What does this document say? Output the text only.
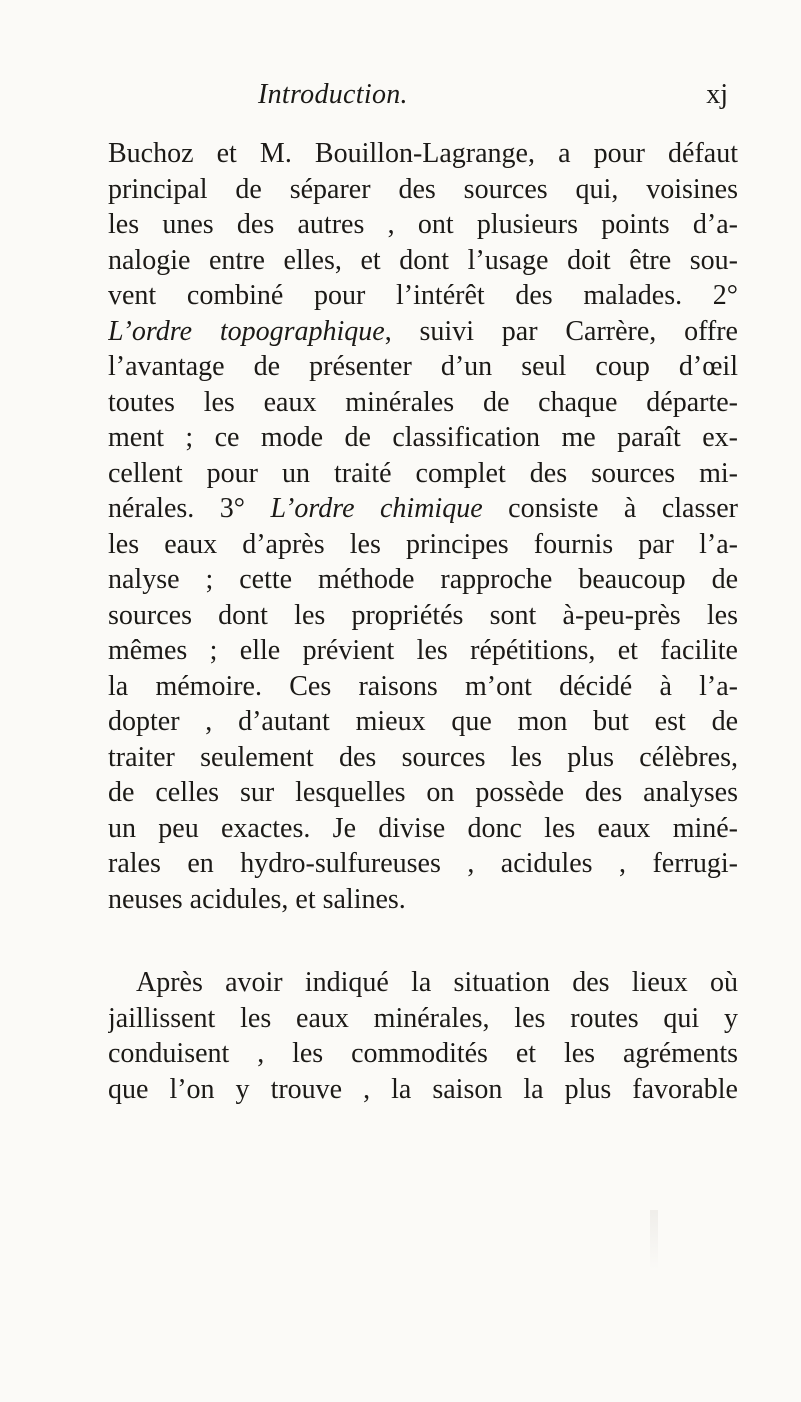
Introduction.	xj
Buchoz et M. Bouillon-Lagrange, a pour défaut
principal de séparer des sources qui, voisines
les unes des autres , ont plusieurs points d’a-
nalogie entre elles, et dont l’usage doit être sou-
vent combiné pour l’intérêt des malades. 2°
L’ordre topographique, suivi par Carrère, offre
l’avantage de présenter d’un seul coup d’œil
toutes les eaux minérales de chaque départe-
ment ; ce mode de classification me paraît ex-
cellent pour un traité complet des sources mi-
nérales. 3° L’ordre chimique consiste à classer
les eaux d’après les principes fournis par l’a-
nalyse ; cette méthode rapproche beaucoup de
sources dont les propriétés sont à-peu-près les
mêmes ; elle prévient les répétitions, et facilite
la mémoire. Ces raisons m’ont décidé à l’a-
dopter , d’autant mieux que mon but est de
traiter seulement des sources les plus célèbres,
de celles sur lesquelles on possède des analyses
un peu exactes. Je divise donc les eaux miné-
rales en hydro-sulfureuses , acidules , ferrugi-
neuses acidules, et salines.
Après avoir indiqué la situation des lieux où
jaillissent les eaux minérales, les routes qui y
conduisent , les commodités et les agréments
que l’on y trouve , la saison la plus favorable
